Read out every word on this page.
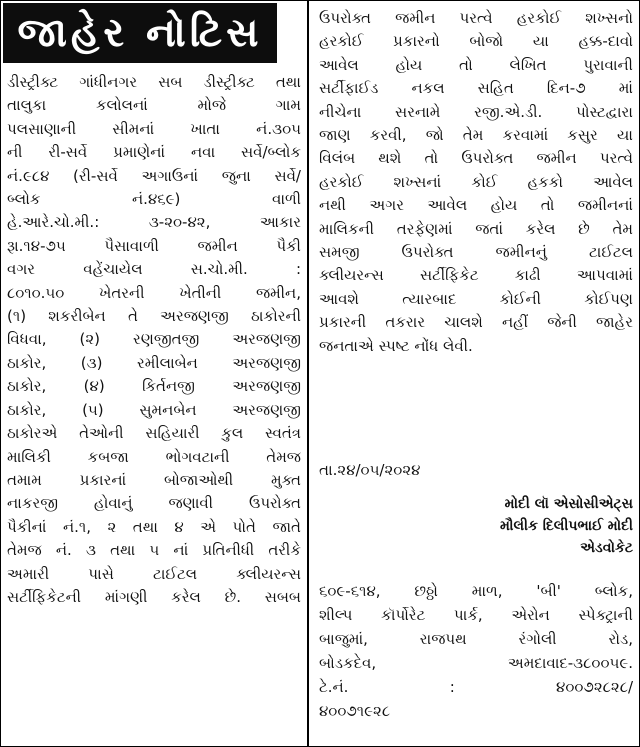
જાહેર નોટિસ
ડીસ્ટ્રીક્ટ ગાંધીનગર સબ ડીસ્ટ્રીક્ટ તથા
તાલુકા	કલોલનાં	મોજે	ગામ
પલસાણાની સીમનાં ખાતા નં.૩૦૫
ની રી-સર્વે પ્રમાણેનાં નવા સર્વે/બ્લોક
નં.૯૮૪ (રી-સર્વે અગાઉનાં જુના સર્વે/
બ્લોક	નં.૪૬૯)	વાળી
હે.આરે.ચો.મી.:	૩-૨૦-૪૨,	આકાર
રૂા.૧૪-૭૫	પૈસાવાળી	જમીન	પૈકી
વગર	વહેંચાયેલ	સ.ચો.મી.	:
૮૦૧૦.૫૦ ખેતરની ખેતીની જમીન,
(૧) શકરીબેન તે અરજણજી ઠાકોરની
વિધવા, (૨) રણજીતજી અરજણજી
ઠાકોર, (૩) રમીલાબેન અરજણજી
ઠાકોર, (૪) કિર્તનજી અરજણજી
ઠાકોર, (૫) સુમનબેન અરજણજી
ઠાકોરએ તેઓની સહિયારી કુલ સ્વતંત્ર
માલિકી કબજા ભોગવટાની તેમજ
તમામ	પ્રકારનાં	બોજાઓથી	મુક્ત
નાકરજી હોવાનું જણાવી ઉપરોક્ત
પૈકીનાં નં.૧, ૨ તથા ૪ એ પોતે જાતે
તેમજ નં. ૩ તથા ૫ નાં પ્રતિનીધી તરીકે
અમારી	પાસે	ટાઈટલ	ક્લીયરન્સ
સર્ટીફિકેટની માંગણી કરેલ છે. સબબ
ઉપરોક્ત જમીન પરત્વે હરકોઈ શખ્સનો
હરકોઈ પ્રકારનો બોજો યા હક્ક-દાવો
આવેલ હોય તો લેખિત પુરાવાની
સર્ટીફાઈડ નકલ સહિત દિન-૭ માં
નીચેના સરનામે રજી.એ.ડી. પોસ્ટદ્વારા
જાણ કરવી, જો તેમ કરવામાં કસુર યા
વિલંબ થશે તો ઉપરોક્ત જમીન પરત્વે
હરકોઈ શખ્સનાં કોઈ હકકો આવેલ
નથી અગર આવેલ હોય તો જમીનનાં
માલિકની તરફેણમાં જતાં કરેલ છે તેમ
સમજી	ઉપરોક્ત	જમીનનું	ટાઈટલ
ક્લીયરન્સ સર્ટીફિકેટ કાઢી આપવામાં
આવશે	ત્યારબાદ	કોઈની	કોઈપણ
પ્રકારની તકરાર ચાલશે નહીં જેની જાહેર
જનતાએ સ્પષ્ટ નોંધ લેવી.
તા.૨૪/૦૫/૨૦૨૪
મોદી લૉ એસોસીએટ્સ
મૌલીક દિલીપભાઈ મોદી
એડવોકેટ
૬૦૯-૬૧૪, છઠ્ઠો માળ, 'બી' બ્લોક,
શીલ્પ કૉર્પોરેટ પાર્ક, એરોન સ્પેક્ટ્રાની
બાજુમાં,	રાજપથ	રંગોલી	રોડ,
બોડકદેવ,	અમદાવાદ-૩૮૦૦૫૯.
ટે.નં.	:	૪૦૦૭૨૮૨૮/
૪૦૦૭૧૯૨૮
